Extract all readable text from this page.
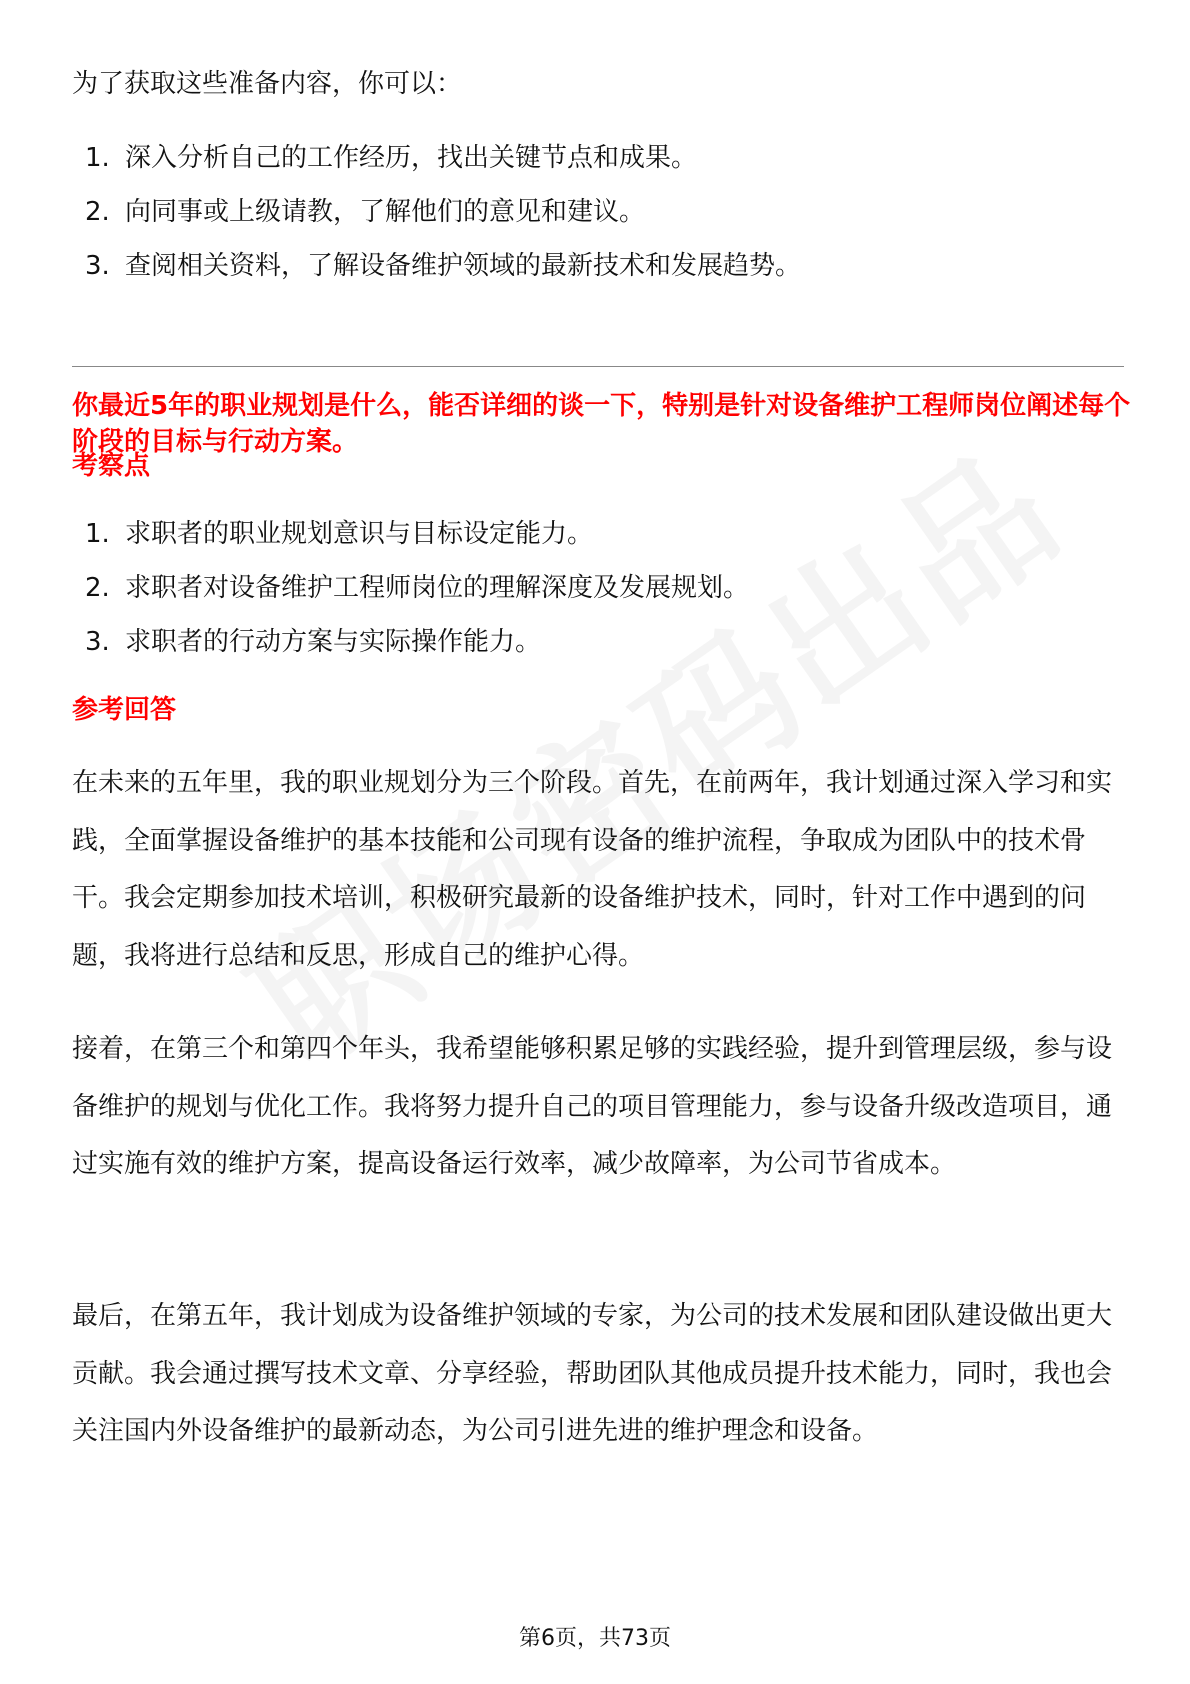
为了获取这些准备内容，你可以：
1. 深入分析自己的工作经历，找出关键节点和成果。
2. 向同事或上级请教，了解他们的意见和建议。
3. 查阅相关资料，了解设备维护领域的最新技术和发展趋势。
你最近5年的职业规划是什么，能否详细的谈一下，特别是针对设备维护工程师岗位阐述每个阶段的目标与行动方案。
考察点
1. 求职者的职业规划意识与目标设定能力。
2. 求职者对设备维护工程师岗位的理解深度及发展规划。
3. 求职者的行动方案与实际操作能力。
参考回答

在未来的五年里，我的职业规划分为三个阶段。首先，在前两年，我计划通过深入学习和实践，全面掌握设备维护的基本技能和公司现有设备的维护流程，争取成为团队中的技术骨干。我会定期参加技术培训，积极研究最新的设备维护技术，同时，针对工作中遇到的问题，我将进行总结和反思，形成自己的维护心得。

接着，在第三个和第四个年头，我希望能够积累足够的实践经验，提升到管理层级，参与设备维护的规划与优化工作。我将努力提升自己的项目管理能力，参与设备升级改造项目，通过实施有效的维护方案，提高设备运行效率，减少故障率，为公司节省成本。

最后，在第五年，我计划成为设备维护领域的专家，为公司的技术发展和团队建设做出更大贡献。我会通过撰写技术文章、分享经验，帮助团队其他成员提升技术能力，同时，我也会关注国内外设备维护的最新动态，为公司引进先进的维护理念和设备。

第6页，共73页
